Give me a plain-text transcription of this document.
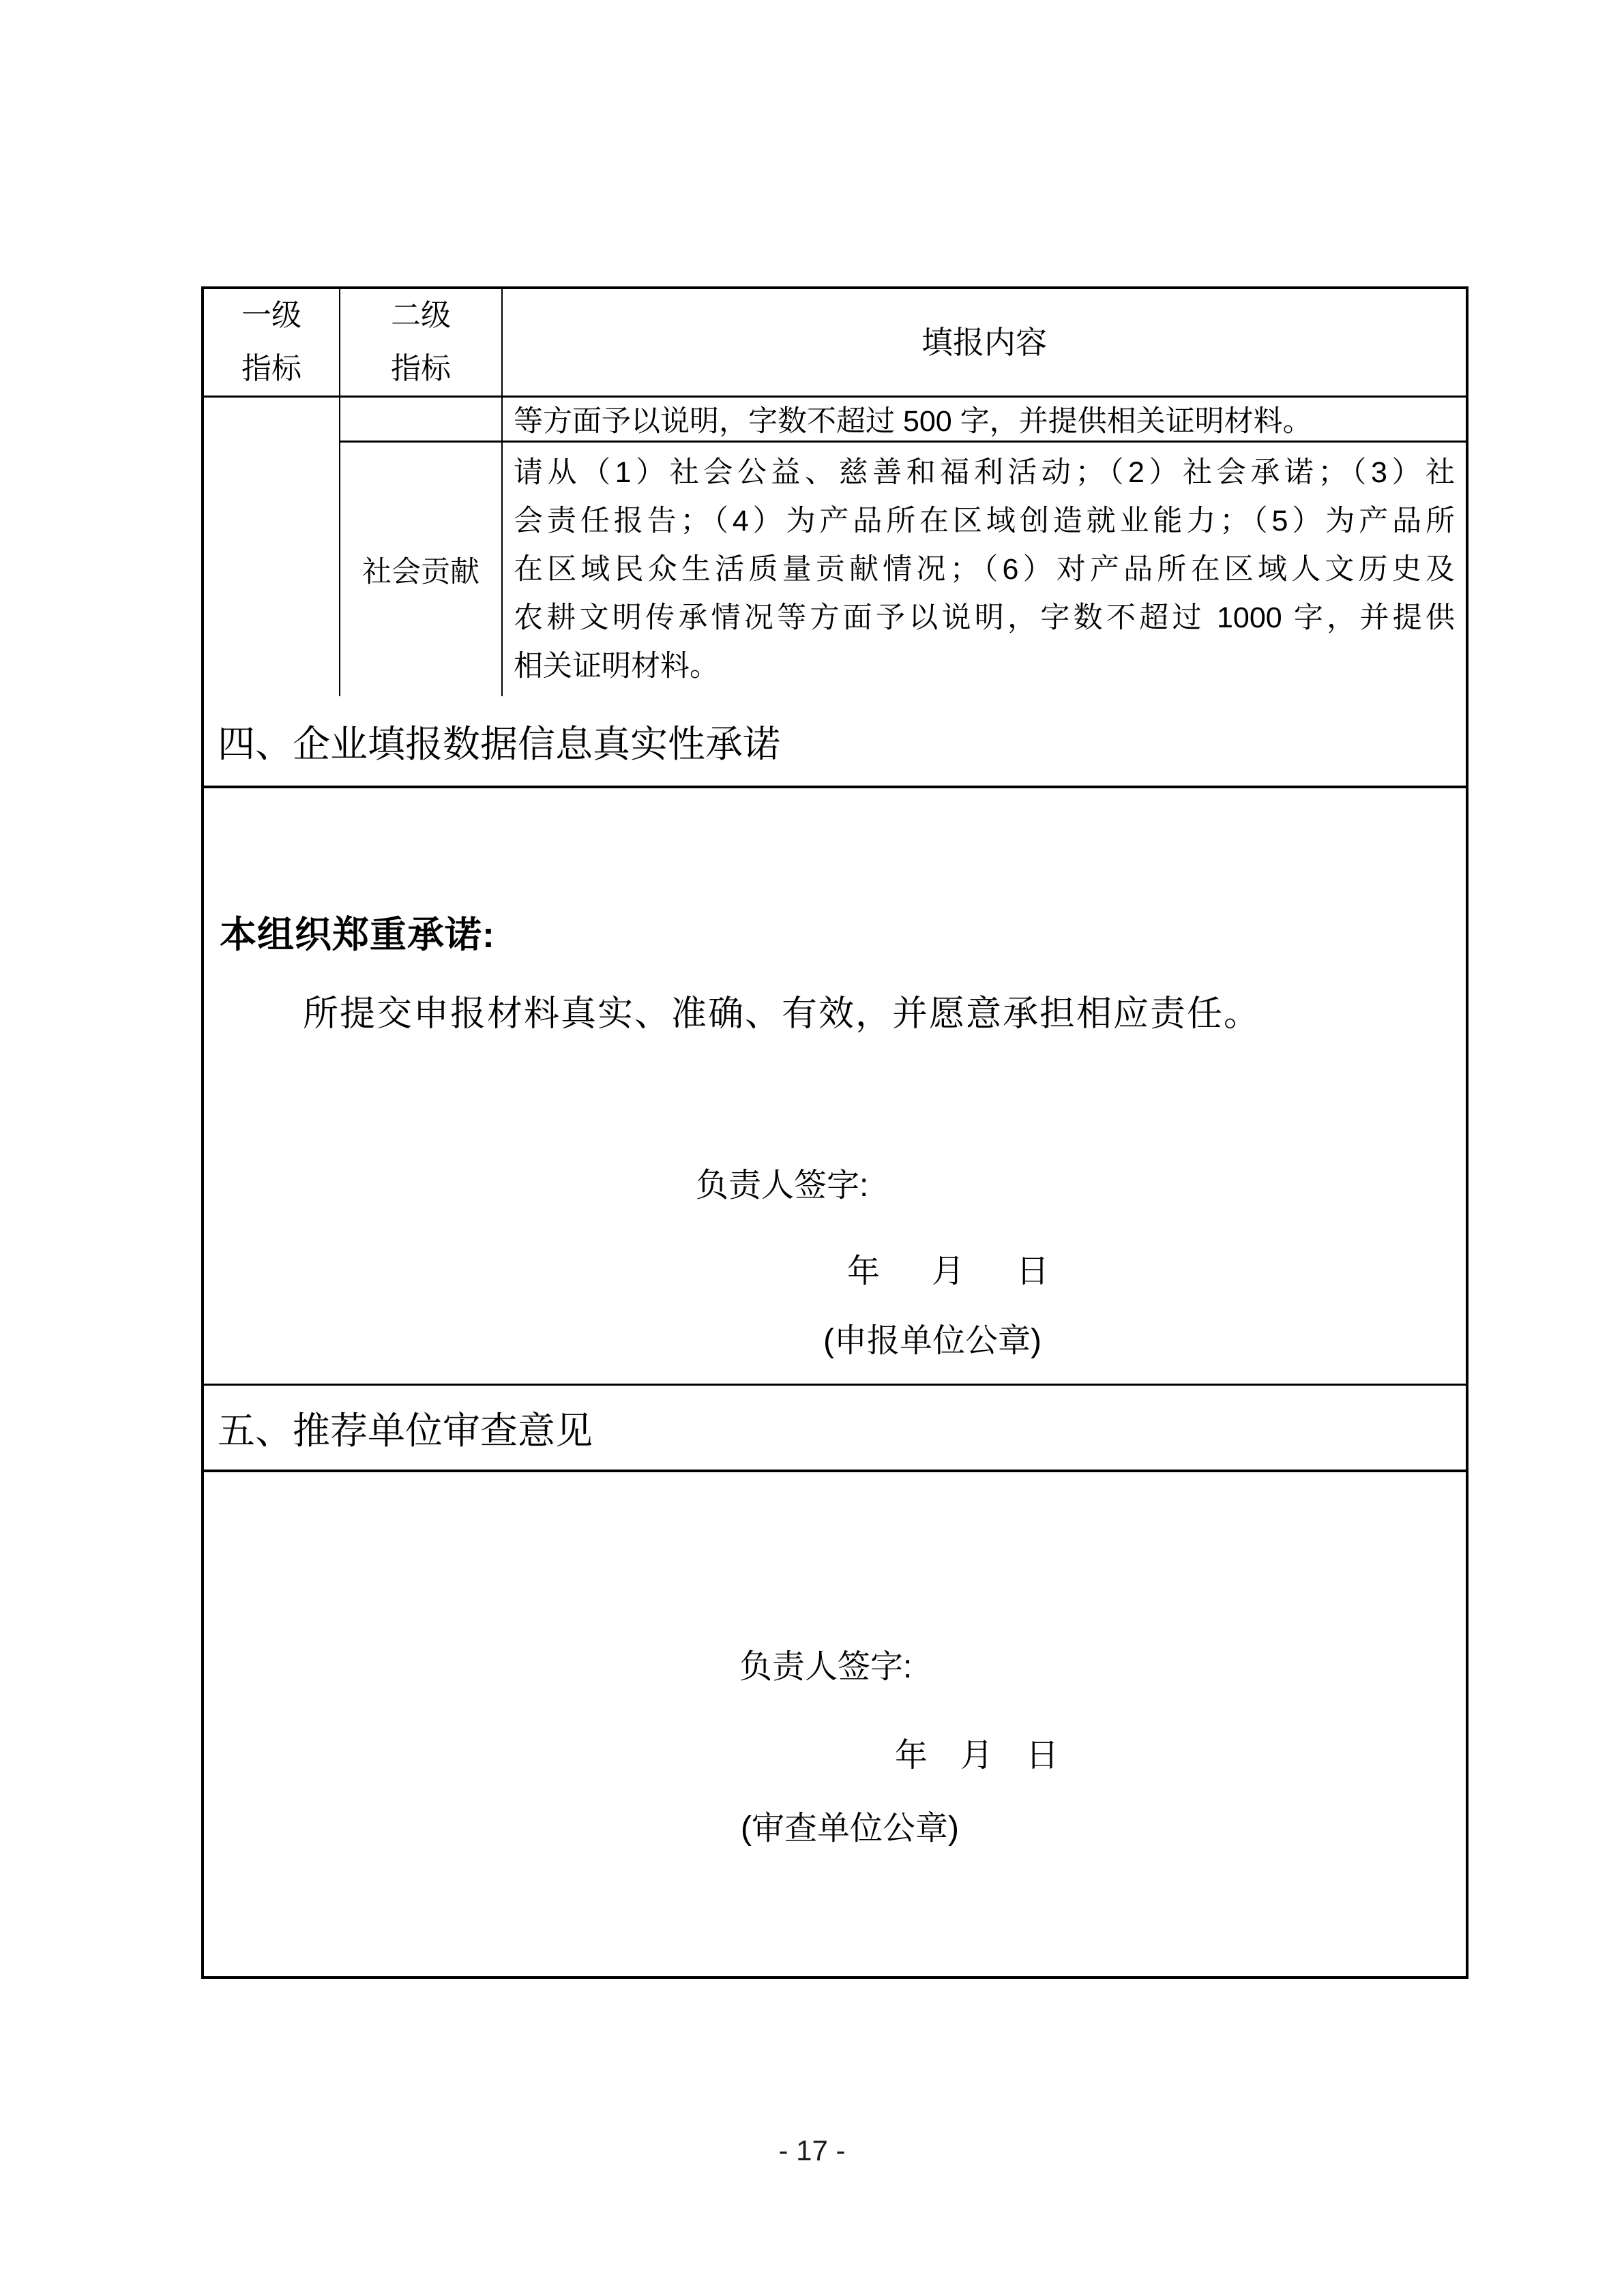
一级
指标
二级
指标
填报内容
等方面予以说明，字数不超过 500 字，并提供相关证明材料。
社会贡献
请从（1）社会公益、慈善和福利活动；（2）社会承诺；（3）社
会责任报告；（4）为产品所在区域创造就业能力；（5）为产品所
在区域民众生活质量贡献情况；（6）对产品所在区域人文历史及
农耕文明传承情况等方面予以说明，字数不超过 1000 字，并提供
相关证明材料。
四、企业填报数据信息真实性承诺
本组织郑重承诺:
所提交申报材料真实、准确、有效，并愿意承担相应责任。
负责人签字:
年 月 日
(申报单位公章)
五、推荐单位审查意见
负责人签字:
年 月 日
(审查单位公章)
- 17 -
